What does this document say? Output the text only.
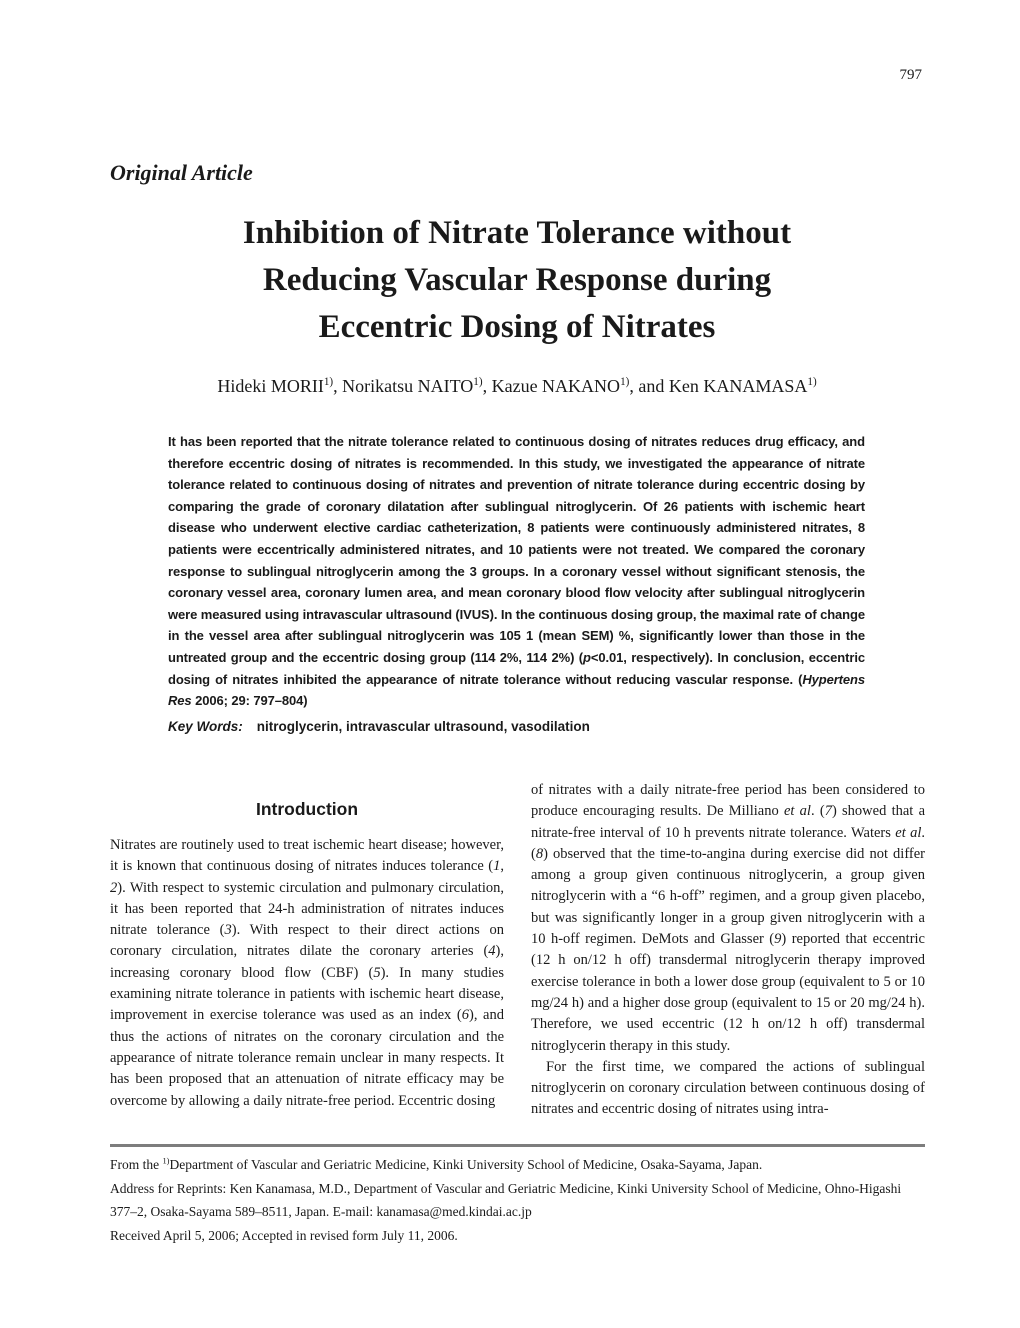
797
Original Article
Inhibition of Nitrate Tolerance without
Reducing Vascular Response during
Eccentric Dosing of Nitrates
Hideki MORII$^{1)}$, Norikatsu NAITO$^{1)}$, Kazue NAKANO$^{1)}$, and Ken KANAMASA$^{1)}$

It has been reported that the nitrate tolerance related to continuous dosing of nitrates reduces drug efficacy, and therefore eccentric dosing of nitrates is recommended. In this study, we investigated the appearance of nitrate tolerance related to continuous dosing of nitrates and prevention of nitrate tolerance during eccentric dosing by comparing the grade of coronary dilatation after sublingual nitroglycerin. Of 26 patients with ischemic heart disease who underwent elective cardiac catheterization, 8 patients were continuously administered nitrates, 8 patients were eccentrically administered nitrates, and 10 patients were not treated. We compared the coronary response to sublingual nitroglycerin among the 3 groups. In a coronary vessel without significant stenosis, the coronary vessel area, coronary lumen area, and mean coronary blood flow velocity after sublingual nitroglycerin were measured using intravascular ultrasound (IVUS). In the continuous dosing group, the maximal rate of change in the vessel area after sublingual nitroglycerin was 105 1 (mean SEM) %, significantly lower than those in the untreated group and the eccentric dosing group (114 2%, 114 2%) (p<0.01, respectively). In conclusion, eccentric dosing of nitrates inhibited the appearance of nitrate tolerance without reducing vascular response. (Hypertens Res 2006; 29: 797–804)

Key Words: nitroglycerin, intravascular ultrasound, vasodilation

Introduction

Nitrates are routinely used to treat ischemic heart disease; however, it is known that continuous dosing of nitrates induces tolerance (1, 2). With respect to systemic circulation and pulmonary circulation, it has been reported that 24-h administration of nitrates induces nitrate tolerance (3). With respect to their direct actions on coronary circulation, nitrates dilate the coronary arteries (4), increasing coronary blood flow (CBF) (5). In many studies examining nitrate tolerance in patients with ischemic heart disease, improvement in exercise tolerance was used as an index (6), and thus the actions of nitrates on the coronary circulation and the appearance of nitrate tolerance remain unclear in many respects. It has been proposed that an attenuation of nitrate efficacy may be overcome by allowing a daily nitrate-free period. Eccentric dosing

of nitrates with a daily nitrate-free period has been considered to produce encouraging results. De Milliano et al. (7) showed that a nitrate-free interval of 10 h prevents nitrate tolerance. Waters et al. (8) observed that the time-to-angina during exercise did not differ among a group given continuous nitroglycerin, a group given nitroglycerin with a “6 h-off” regimen, and a group given placebo, but was significantly longer in a group given nitroglycerin with a 10 h-off regimen. DeMots and Glasser (9) reported that eccentric (12 h on/12 h off) transdermal nitroglycerin therapy improved exercise tolerance in both a lower dose group (equivalent to 5 or 10 mg/24 h) and a higher dose group (equivalent to 15 or 20 mg/24 h). Therefore, we used eccentric (12 h on/12 h off) transdermal nitroglycerin therapy in this study.

For the first time, we compared the actions of sublingual nitroglycerin on coronary circulation between continuous dosing of nitrates and eccentric dosing of nitrates using intra-

From the $^{1)}$Department of Vascular and Geriatric Medicine, Kinki University School of Medicine, Osaka-Sayama, Japan.

Address for Reprints: Ken Kanamasa, M.D., Department of Vascular and Geriatric Medicine, Kinki University School of Medicine, Ohno-Higashi 377–2, Osaka-Sayama 589–8511, Japan. E-mail: kanamasa@med.kindai.ac.jp

Received April 5, 2006; Accepted in revised form July 11, 2006.
